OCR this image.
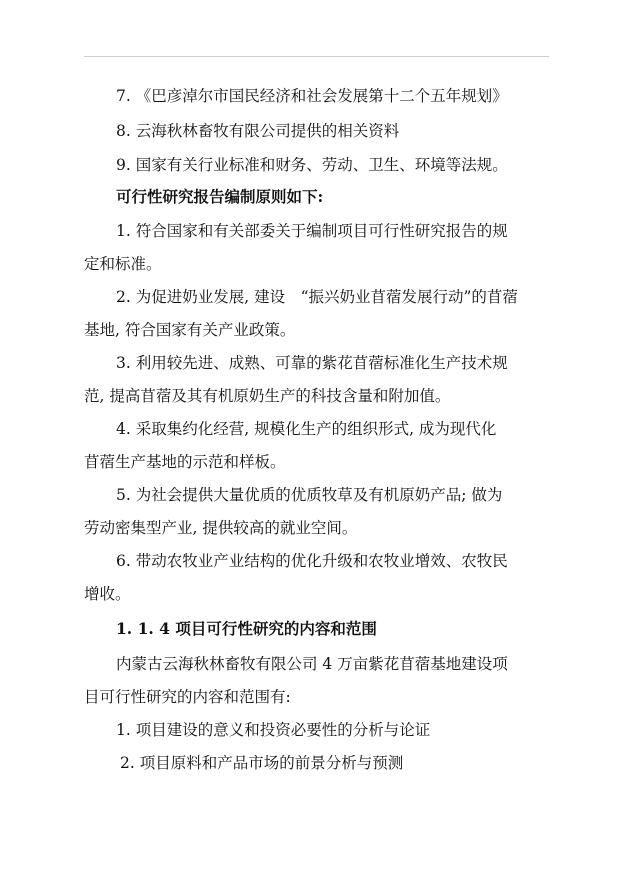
7. 《巴彦淖尔市国民经济和社会发展第十二个五年规划》
8. 云海秋林畜牧有限公司提供的相关资料
9. 国家有关行业标准和财务、劳动、卫生、环境等法规。
可行性研究报告编制原则如下:
1. 符合国家和有关部委关于编制项目可行性研究报告的规
定和标准。
2. 为促进奶业发展, 建设　“振兴奶业苜蓿发展行动”的苜蓿
基地, 符合国家有关产业政策。
3. 利用较先进、成熟、可靠的紫花苜蓿标准化生产技术规
范, 提高苜蓿及其有机原奶生产的科技含量和附加值。
4. 采取集约化经营, 规模化生产的组织形式, 成为现代化
苜蓿生产基地的示范和样板。
5. 为社会提供大量优质的优质牧草及有机原奶产品; 做为
劳动密集型产业, 提供较高的就业空间。
6. 带动农牧业产业结构的优化升级和农牧业增效、农牧民
增收。
1. 1. 4 项目可行性研究的内容和范围
内蒙古云海秋林畜牧有限公司 4 万亩紫花苜蓿基地建设项
目可行性研究的内容和范围有:
1. 项目建设的意义和投资必要性的分析与论证
2. 项目原料和产品市场的前景分析与预测
